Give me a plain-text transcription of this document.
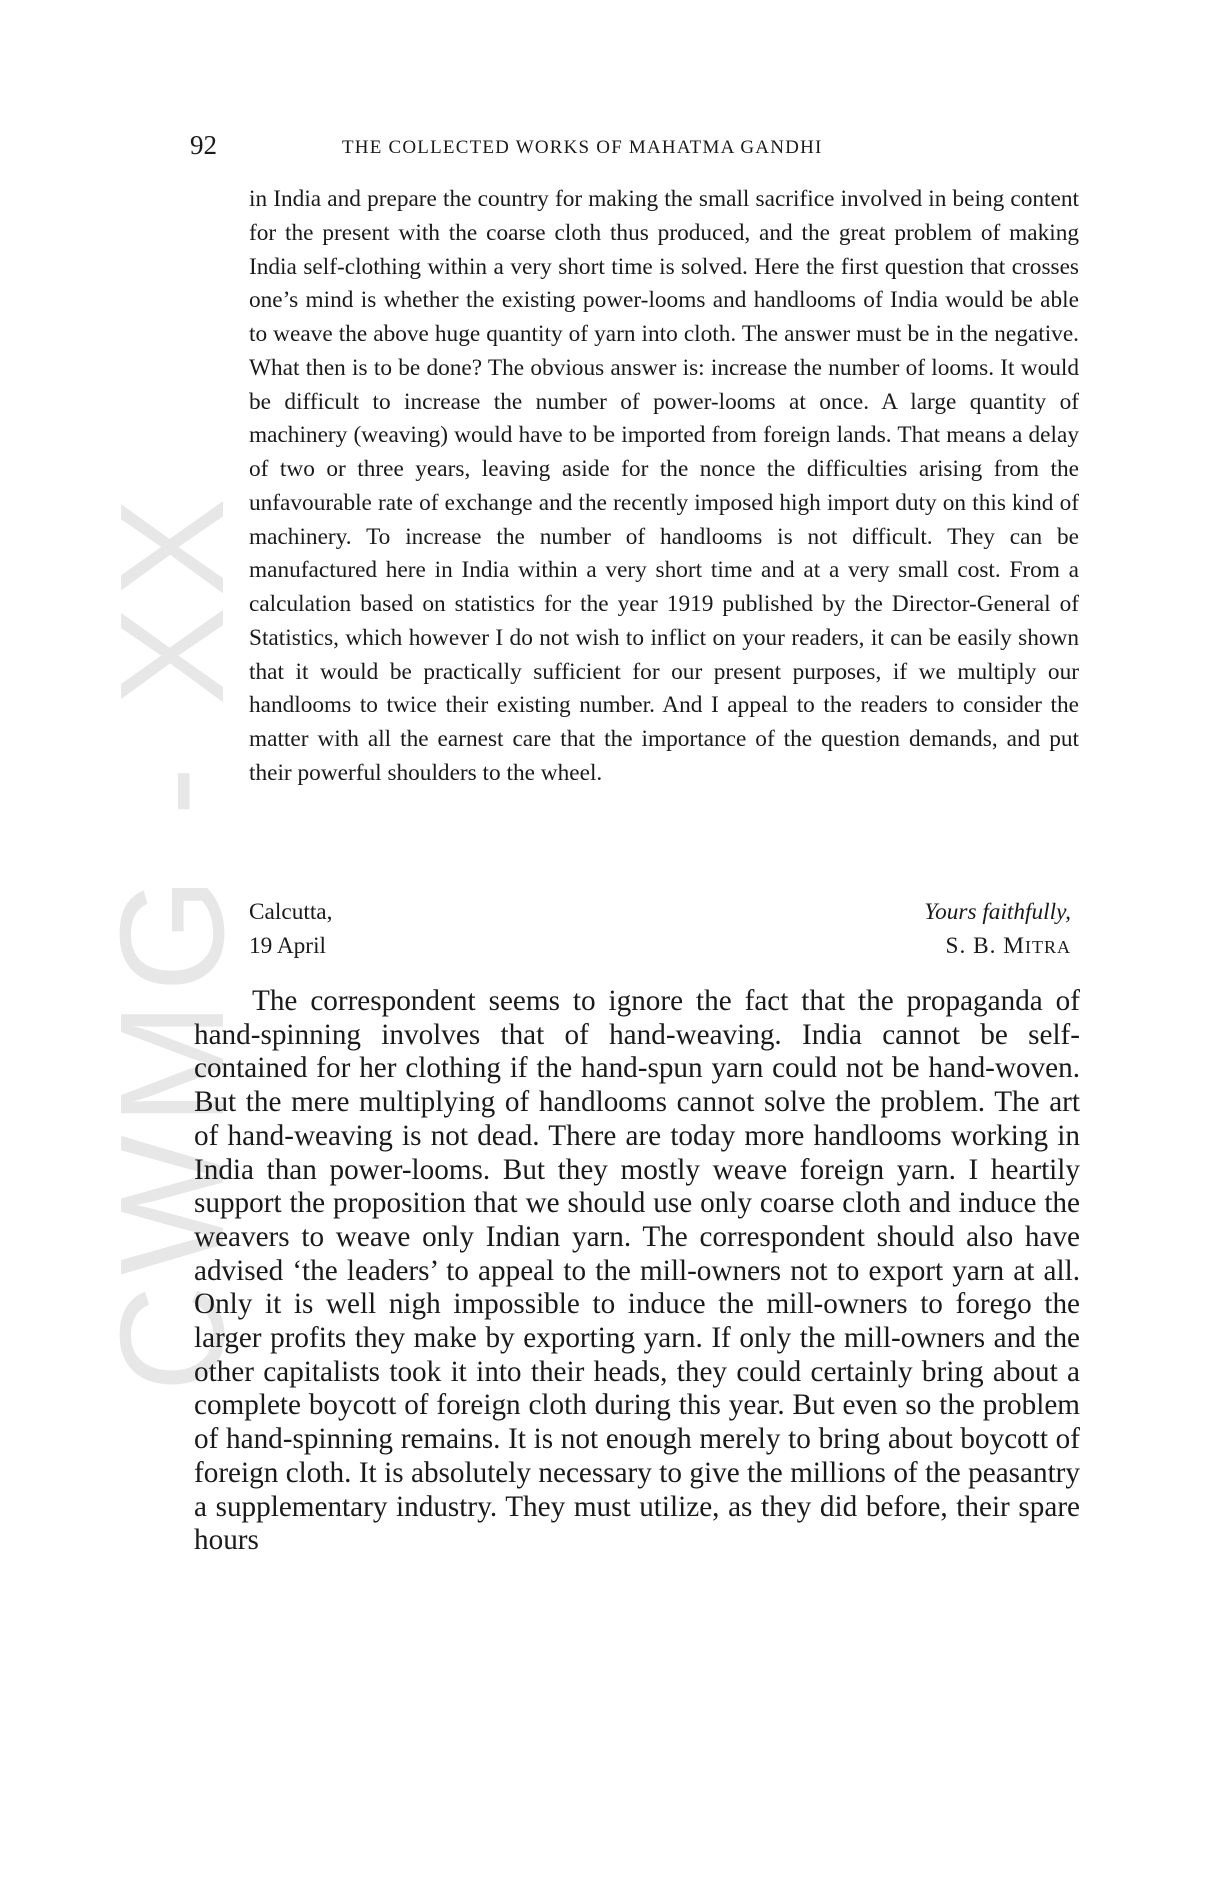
CWMG - XX
92	THE COLLECTED WORKS OF MAHATMA GANDHI

in India and prepare the country for making the small sacrifice involved in being content for the present with the coarse cloth thus produced, and the great problem of making India self-clothing within a very short time is solved. Here the first question that crosses one’s mind is whether the existing power-looms and handlooms of India would be able to weave the above huge quantity of yarn into cloth. The answer must be in the negative. What then is to be done? The obvious answer is: increase the number of looms. It would be difficult to increase the number of power-looms at once. A large quantity of machinery (weaving) would have to be imported from foreign lands. That means a delay of two or three years, leaving aside for the nonce the difficulties arising from the unfavourable rate of exchange and the recently imposed high import duty on this kind of machinery. To increase the number of handlooms is not difficult. They can be manufactured here in India within a very short time and at a very small cost. From a calculation based on statistics for the year 1919 published by the Director-General of Statistics, which however I do not wish to inflict on your readers, it can be easily shown that it would be practically sufficient for our present purposes, if we multiply our handlooms to twice their existing number. And I appeal to the readers to consider the matter with all the earnest care that the importance of the question demands, and put their powerful shoulders to the wheel.

Calcutta,	Yours faithfully,
19 April	S. B. MITRA

The correspondent seems to ignore the fact that the propaganda of hand-spinning involves that of hand-weaving. India cannot be self-contained for her clothing if the hand-spun yarn could not be hand-woven. But the mere multiplying of handlooms cannot solve the problem. The art of hand-weaving is not dead. There are today more handlooms working in India than power-looms. But they mostly weave foreign yarn. I heartily support the proposition that we should use only coarse cloth and induce the weavers to weave only Indian yarn. The correspondent should also have advised ‘the leaders’ to appeal to the mill-owners not to export yarn at all. Only it is well nigh impossible to induce the mill-owners to forego the larger profits they make by exporting yarn. If only the mill-owners and the other capitalists took it into their heads, they could certainly bring about a complete boycott of foreign cloth during this year. But even so the problem of hand-spinning remains. It is not enough merely to bring about boycott of foreign cloth. It is absolutely necessary to give the millions of the peasantry a supplementary industry. They must utilize, as they did before, their spare hours
